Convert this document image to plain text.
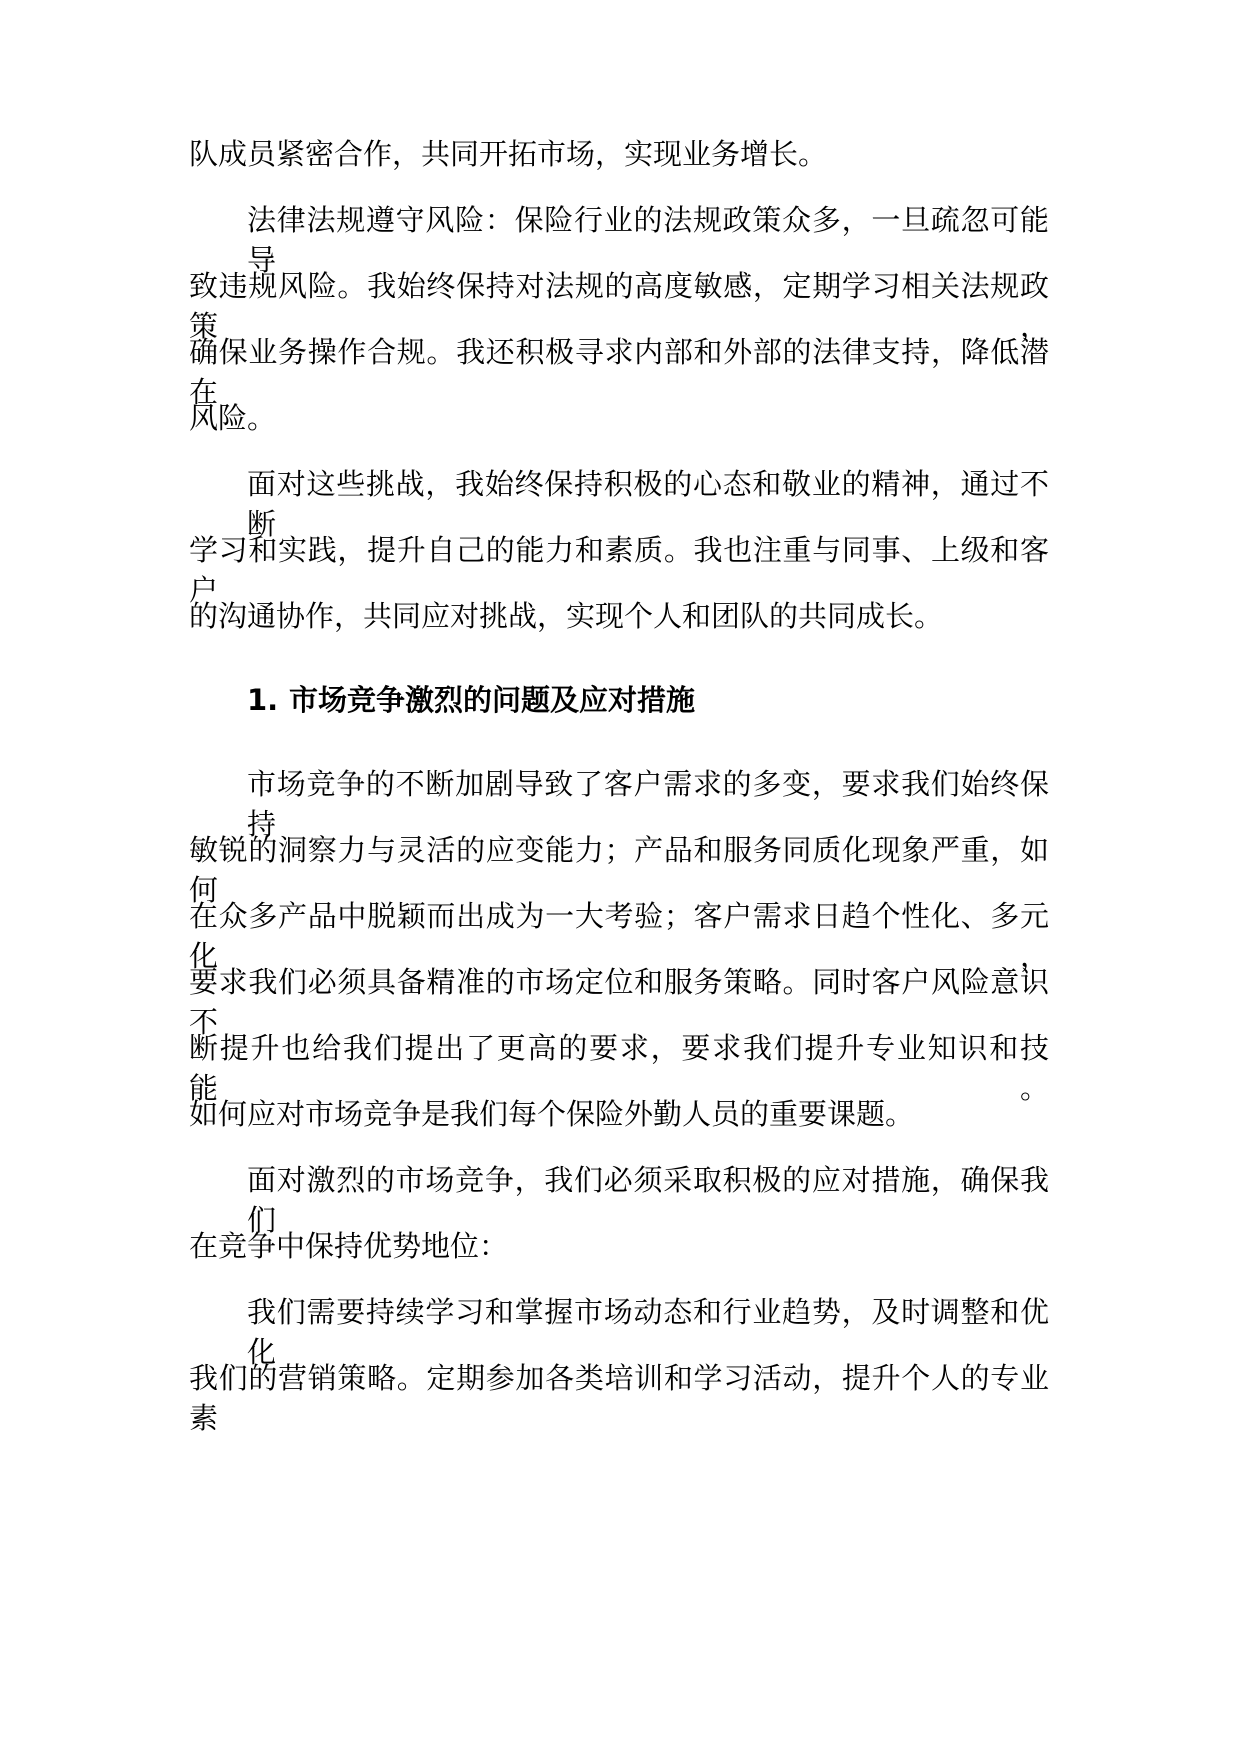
队成员紧密合作，共同开拓市场，实现业务增长。

法律法规遵守风险：保险行业的法规政策众多，一旦疏忽可能导

致违规风险。我始终保持对法规的高度敏感，定期学习相关法规政策，

确保业务操作合规。我还积极寻求内部和外部的法律支持，降低潜在

风险。

面对这些挑战，我始终保持积极的心态和敬业的精神，通过不断

学习和实践，提升自己的能力和素质。我也注重与同事、上级和客户

的沟通协作，共同应对挑战，实现个人和团队的共同成长。

1. 市场竞争激烈的问题及应对措施

市场竞争的不断加剧导致了客户需求的多变，要求我们始终保持

敏锐的洞察力与灵活的应变能力；产品和服务同质化现象严重，如何

在众多产品中脱颖而出成为一大考验；客户需求日趋个性化、多元化，

要求我们必须具备精准的市场定位和服务策略。同时客户风险意识不

断提升也给我们提出了更高的要求，要求我们提升专业知识和技能。

如何应对市场竞争是我们每个保险外勤人员的重要课题。

面对激烈的市场竞争，我们必须采取积极的应对措施，确保我们

在竞争中保持优势地位：

我们需要持续学习和掌握市场动态和行业趋势，及时调整和优化

我们的营销策略。定期参加各类培训和学习活动，提升个人的专业素
